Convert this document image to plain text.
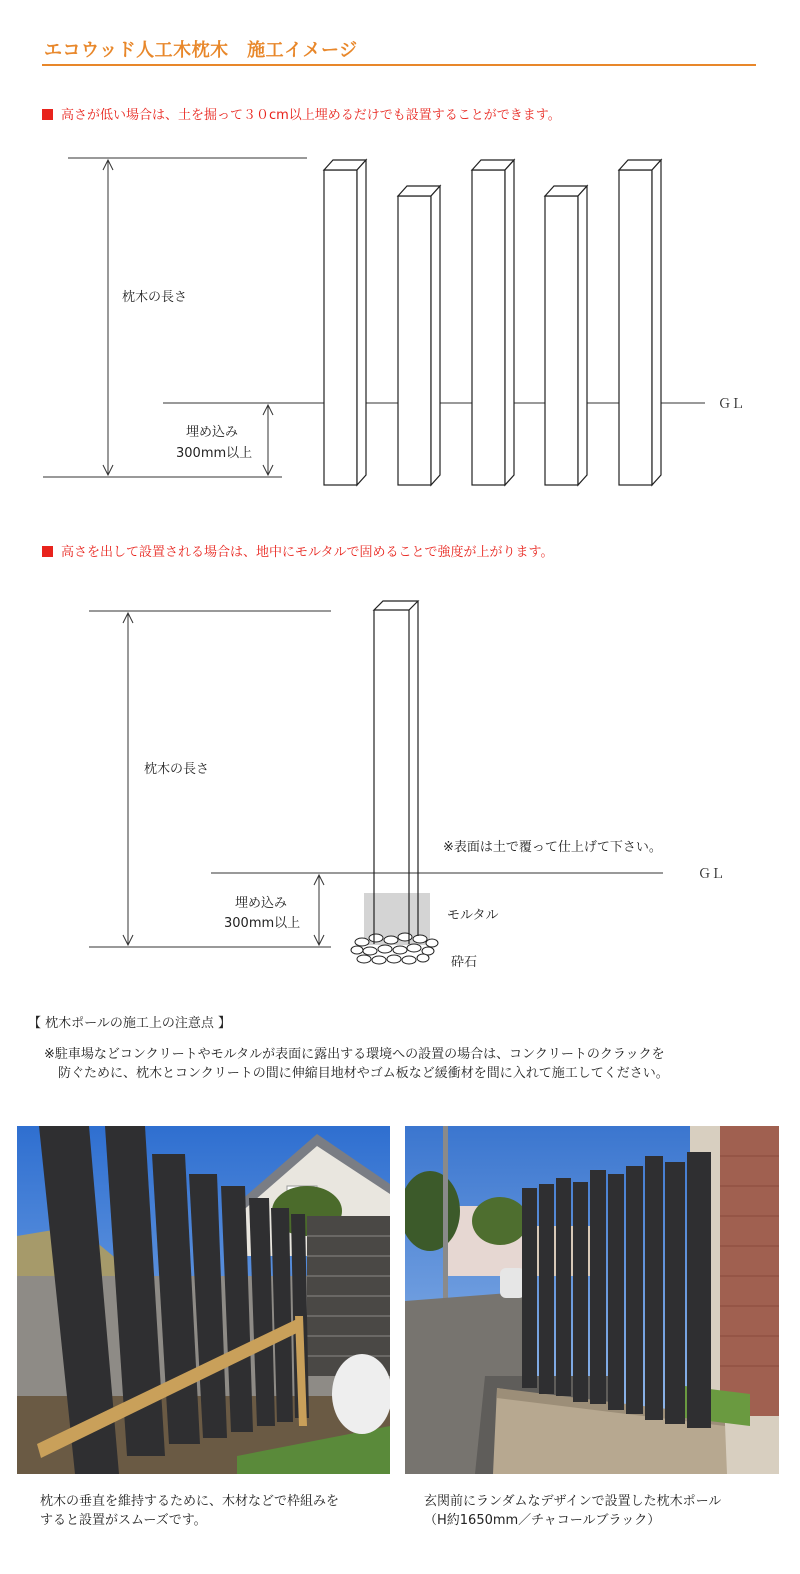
エコウッド人工木枕木　施工イメージ
高さが低い場合は、土を掘って３０cm以上埋めるだけでも設置することができます。
枕木の長さ
埋め込み
300mm以上
ＧＬ
高さを出して設置される場合は、地中にモルタルで固めることで強度が上がります。
枕木の長さ
※表面は土で覆って仕上げて下さい。
ＧＬ
埋め込み
300mm以上
モルタル
砕石
【 枕木ポールの施工上の注意点 】
※駐車場などコンクリートやモルタルが表面に露出する環境への設置の場合は、コンクリートのクラックを
防ぐために、枕木とコンクリートの間に伸縮目地材やゴム板など緩衝材を間に入れて施工してください。
枕木の垂直を維持するために、木材などで枠組みを
すると設置がスムーズです。
玄関前にランダムなデザインで設置した枕木ポール
（H約1650mm／チャコールブラック）
